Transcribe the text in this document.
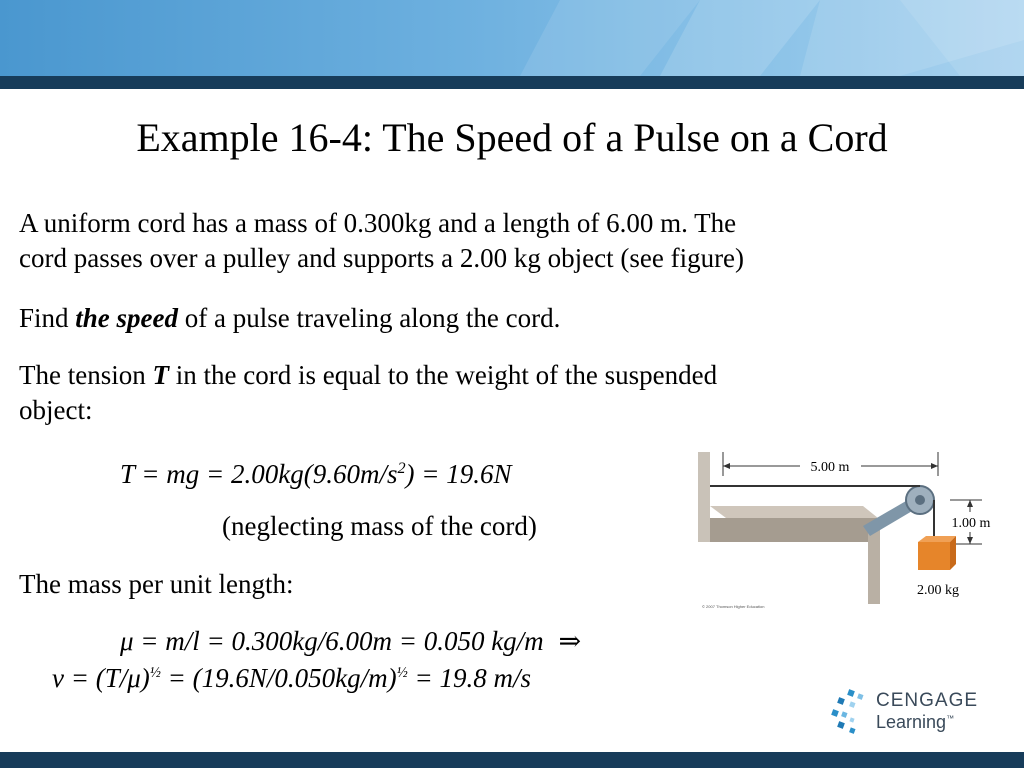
Example 16-4: The Speed of a Pulse on a Cord
A uniform cord has a mass of 0.300kg and a length of 6.00 m. The
cord passes over a pulley and supports a 2.00 kg object (see figure)
Find the speed of a pulse traveling along the cord.
The tension T in the cord is equal to the weight of the suspended
object:
T = mg = $2.00kg(9.60m/s^2) = 19.6N$
(neglecting mass of the cord)
The mass per unit length:
μ = m/l = 0.300kg/6.00m = 0.050 kg/m ⇒
$v = (T/\mu)^{\frac{1}{2}} = (19.6N/0.050kg/m)^{\frac{1}{2}} = 19.8$ m/s
5.00 m
1.00 m
2.00 kg
© 2007 Thomson Higher Education
CENGAGE
Learning™
